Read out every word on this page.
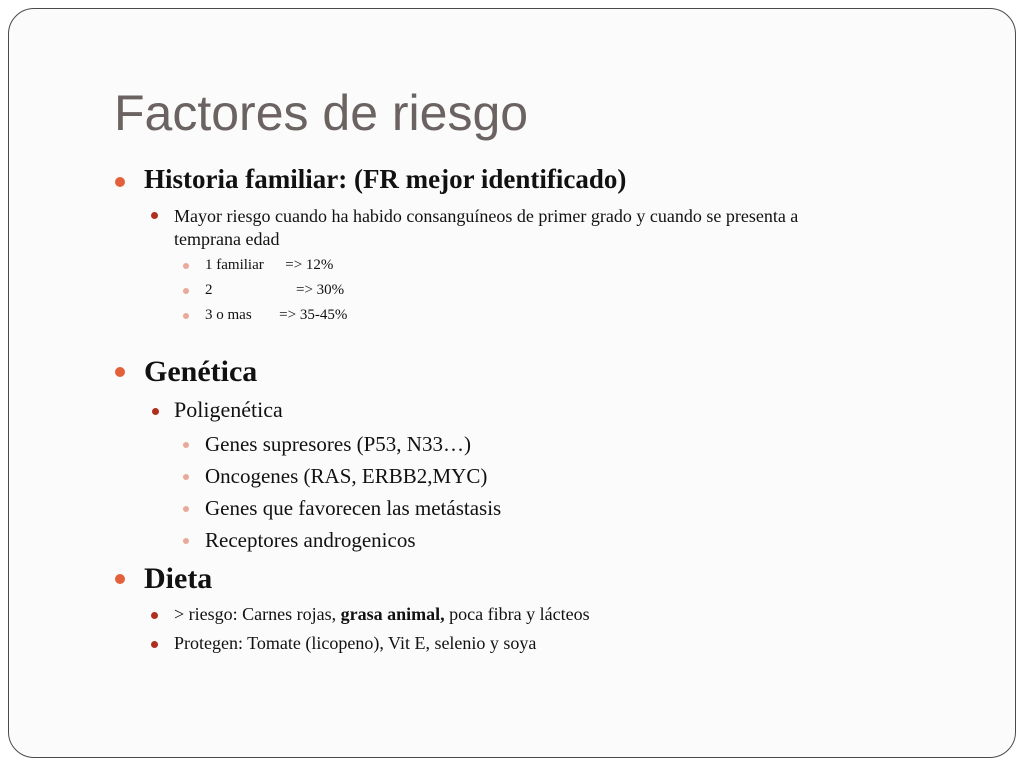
Factores de riesgo
Historia familiar: (FR mejor identificado)
Mayor riesgo cuando ha habido consanguíneos de primer grado y cuando se presenta a
temprana edad
1 familiar => 12%
2	=> 30%
3 o mas => 35-45%
Genética
Poligenética
Genes supresores (P53, N33…)
Oncogenes (RAS, ERBB2,MYC)
Genes que favorecen las metástasis
Receptores androgenicos
Dieta
> riesgo: Carnes rojas, grasa animal, poca fibra y lácteos
Protegen: Tomate (licopeno), Vit E, selenio y soya
